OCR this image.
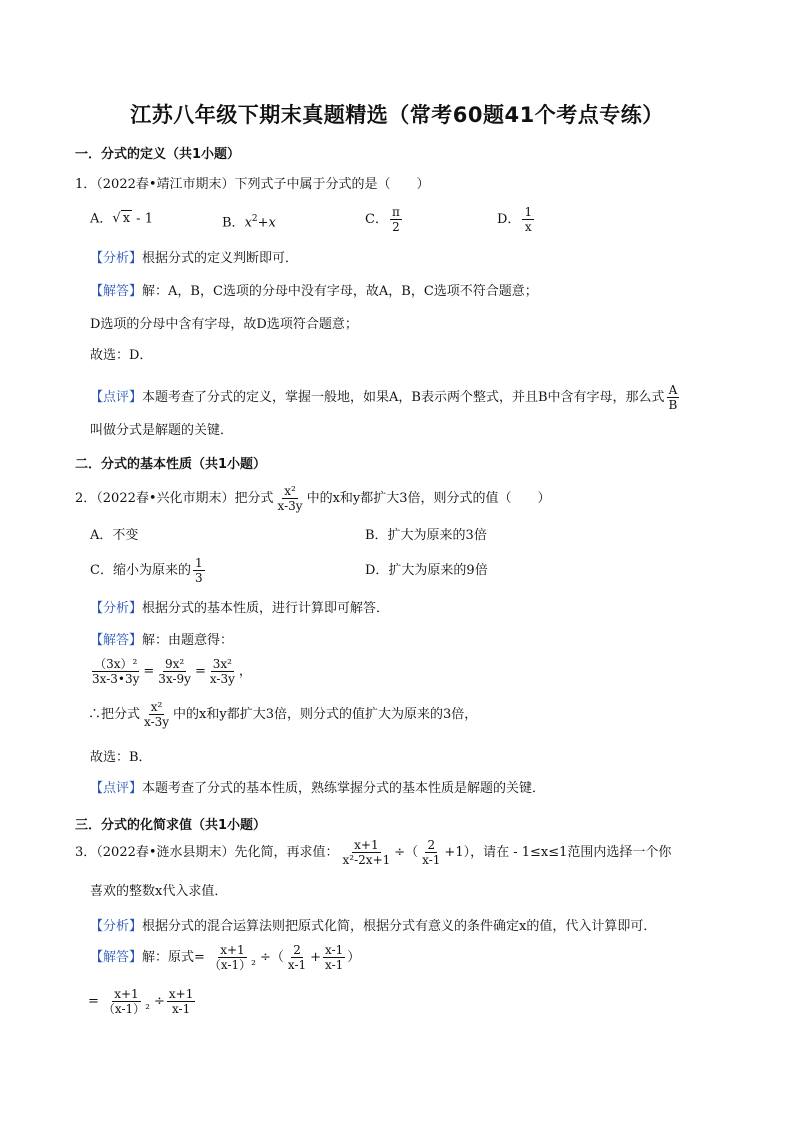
江苏八年级下期末真题精选（常考60题41个考点专练）
一．分式的定义（共1小题）
1．（2022春•靖江市期末）下列式子中属于分式的是（　　）
A．√ x - 1	B．$x^2+x$	C． $\frac{\pi}{2}$	D． $\frac{1}{x}$
【分析】根据分式的定义判断即可．
【解答】解：A，B，C选项的分母中没有字母，故A，B，C选项不符合题意；
D选项的分母中含有字母，故D选项符合题意；
故选：D．
【点评】本题考查了分式的定义，掌握一般地，如果A，B表示两个整式，并且B中含有字母，那么式 $\frac{A}{B}$
叫做分式是解题的关键．
二．分式的基本性质（共1小题）
2．（2022春•兴化市期末）把分式 $\frac{\text{x²}}{x-3y}$ 中的x和y都扩大3倍，则分式的值（　　）
A．不变	B．扩大为原来的3倍
C．缩小为原来的 $\frac{1}{3}$	D．扩大为原来的9倍
【分析】根据分式的基本性质，进行计算即可解答．
【解答】解：由题意得：
$\frac{\text{（3x）²}}{3x-3•3y} = \frac{\text{9x²}}{3x-9y} = \frac{\text{3x²}}{x-3y}$ ，
∴把分式 $\frac{\text{x²}}{x-3y}$ 中的x和y都扩大3倍，则分式的值扩大为原来的3倍，
故选：B．
【点评】本题考查了分式的基本性质，熟练掌握分式的基本性质是解题的关键．
三．分式的化简求值（共1小题）
3．（2022春•涟水县期末）先化简，再求值： $\frac{x+1}{\text{x²-2x+1}}$ ÷（ $\frac{2}{x-1} +1$），请在 - 1≤x≤1范围内选择一个你
喜欢的整数x代入求值．
【分析】根据分式的混合运算法则把原式化简，根据分式有意义的条件确定x的值，代入计算即可．
【解答】解：原式= $\frac{x+1}{\text{（x-1）²}}$ ÷（ $\frac{2}{x-1} + \frac{x-1}{x-1}$ ）
= $\frac{x+1}{\text{（x-1）²}} \div \frac{x+1}{x-1}$
